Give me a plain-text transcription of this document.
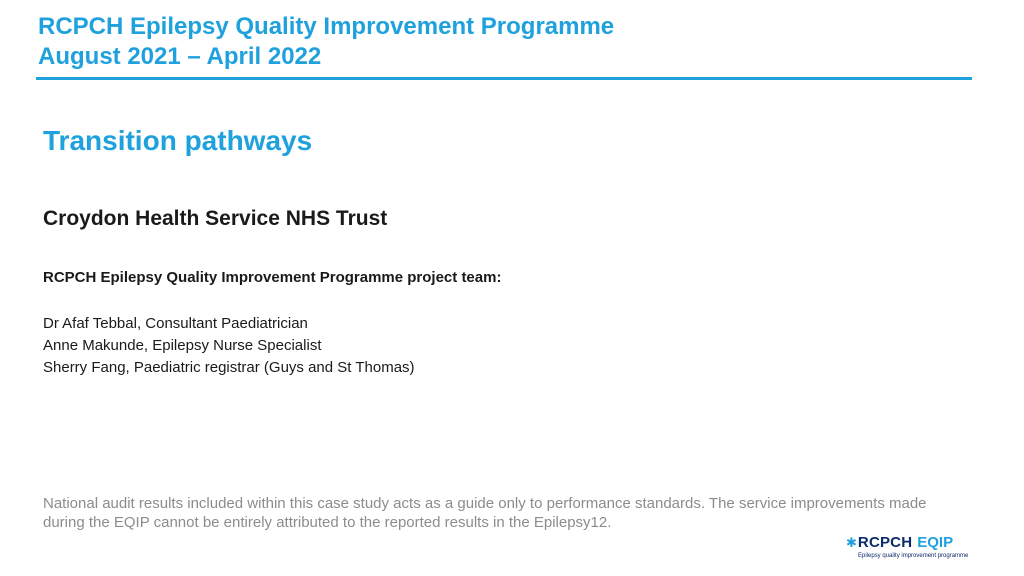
RCPCH Epilepsy Quality Improvement Programme
August 2021 – April 2022
Transition pathways
Croydon Health Service NHS Trust
RCPCH Epilepsy Quality Improvement Programme project team:
Dr Afaf Tebbal, Consultant Paediatrician
Anne Makunde, Epilepsy Nurse Specialist
Sherry Fang, Paediatric registrar (Guys and St Thomas)
National audit results included within this case study acts as a guide only to performance standards. The service improvements made during the EQIP cannot be entirely attributed to the reported results in the Epilepsy12.
✱ RCPCH EQIP
Epilepsy quality improvement programme
